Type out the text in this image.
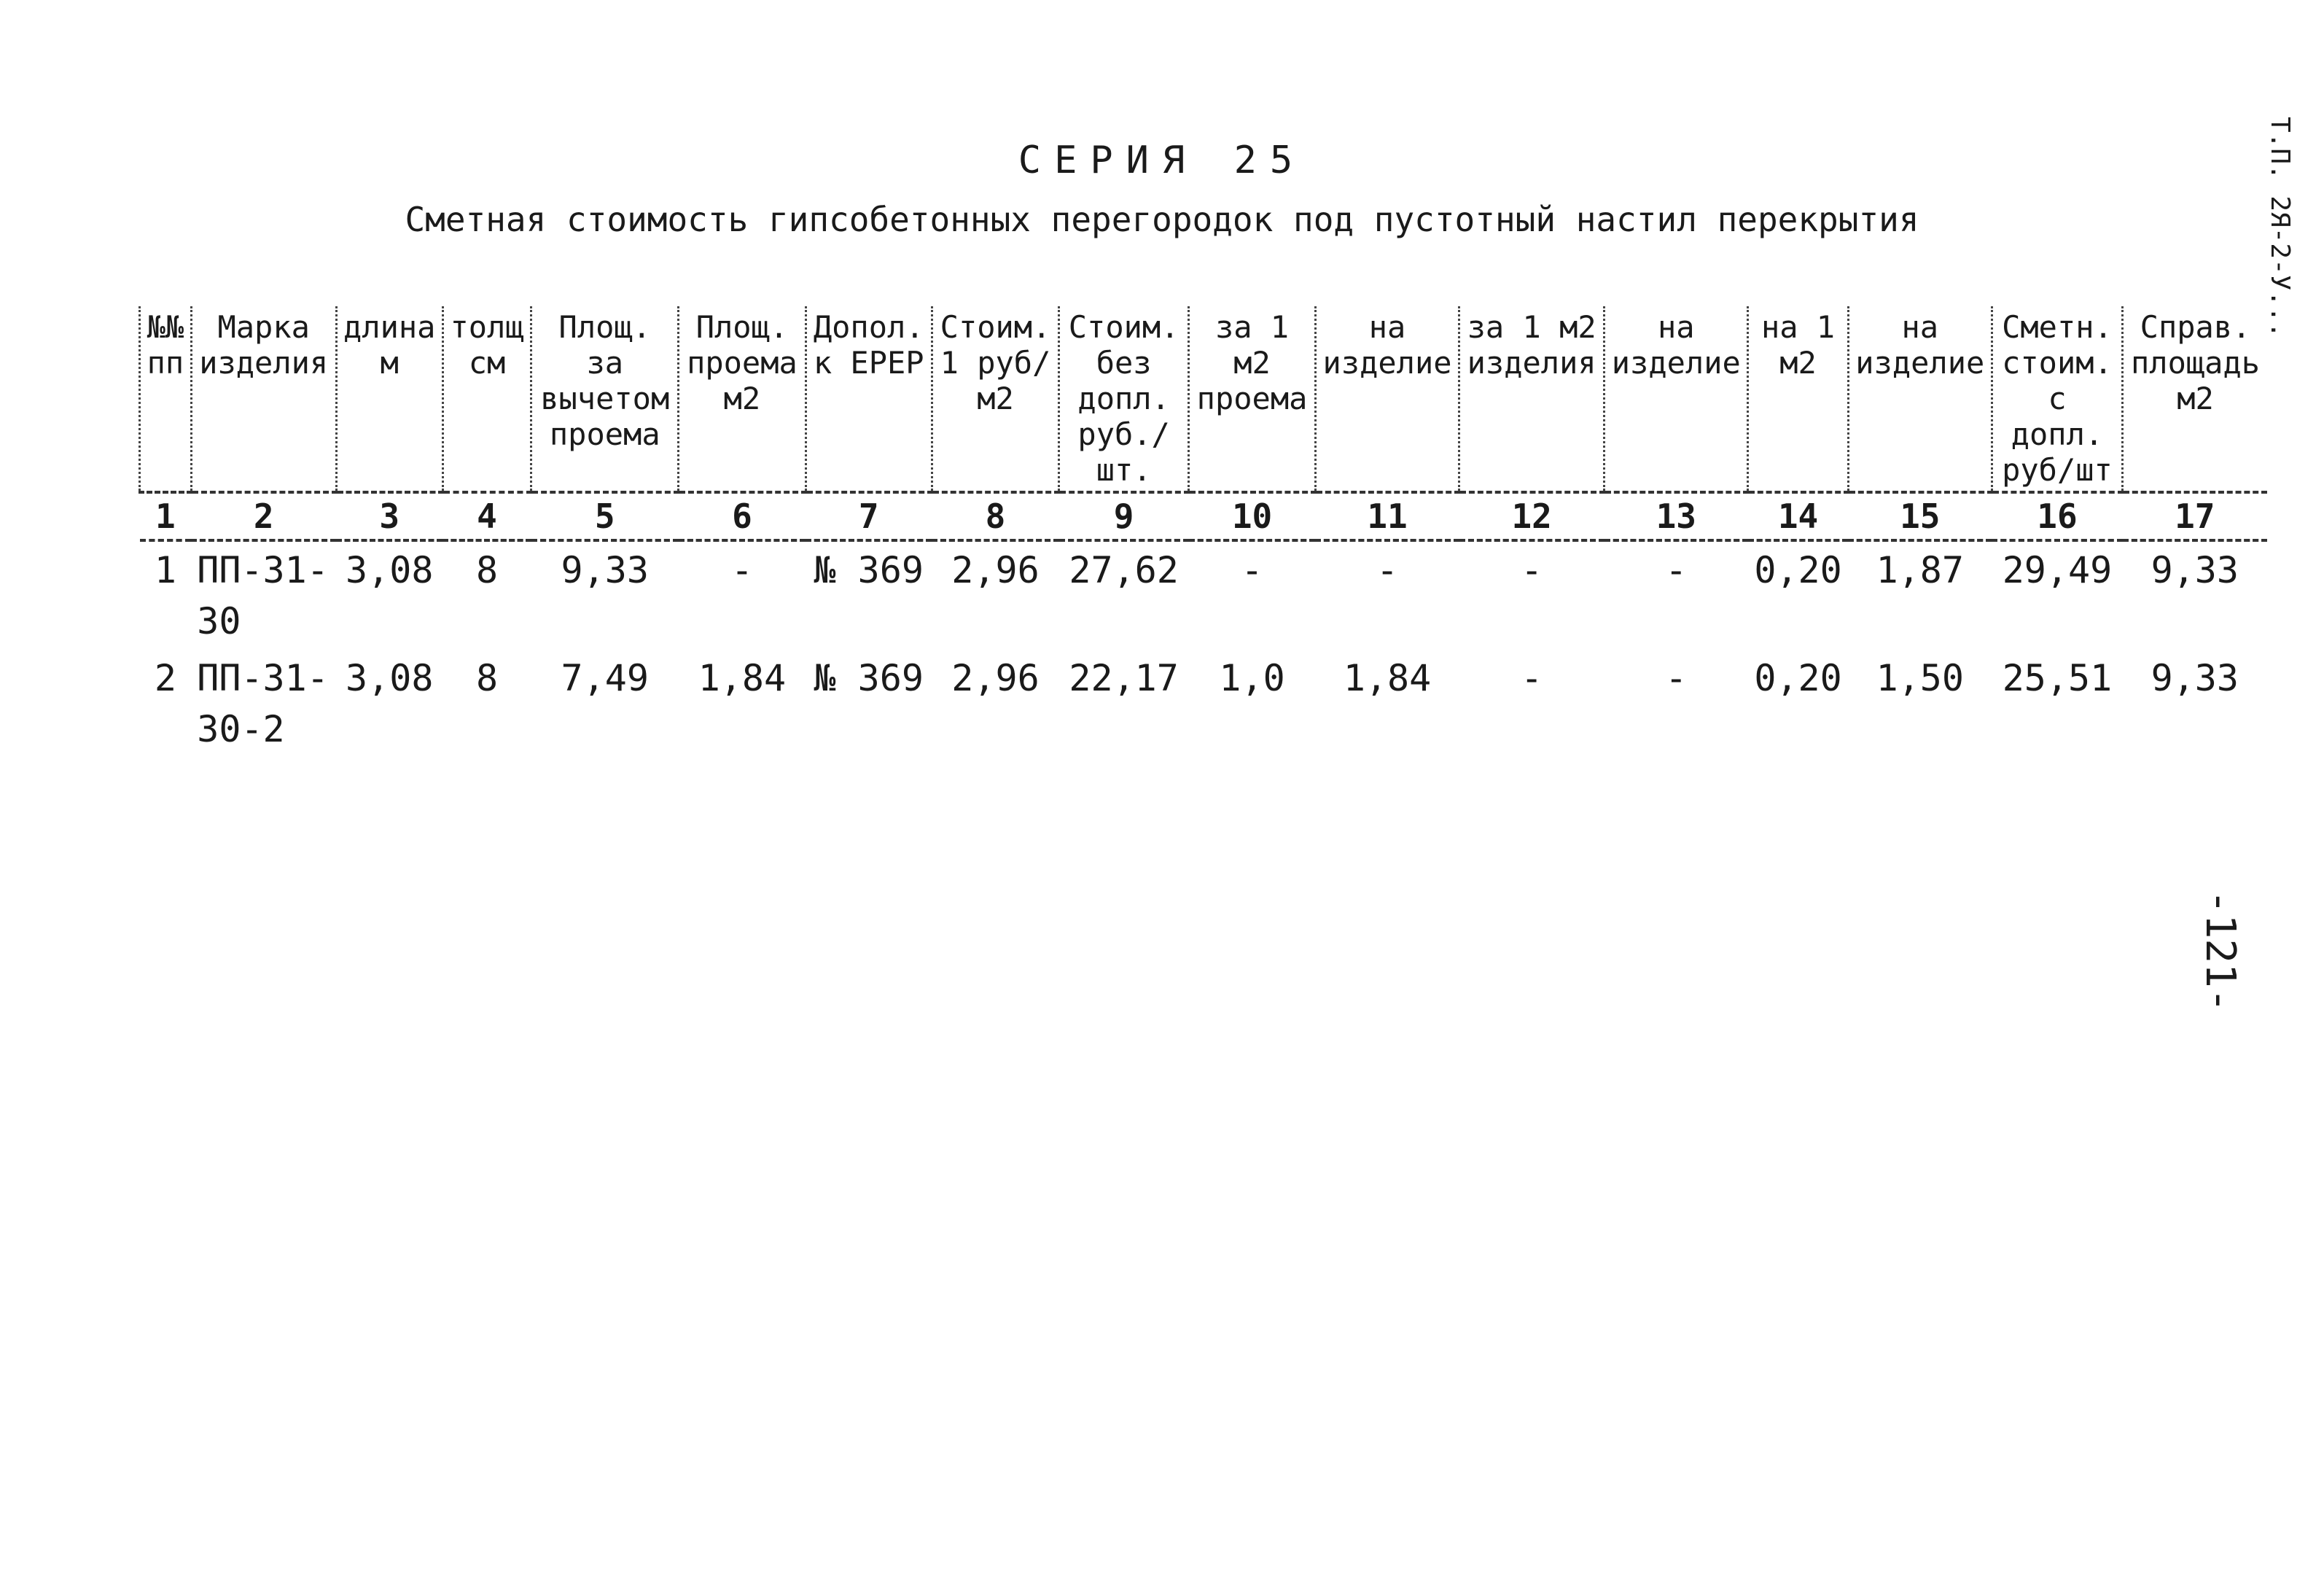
СЕРИЯ 25
Сметная стоимость гипсобетонных перегородок под пустотный настил перекрытия	Т.П. 2Я-2-У...
-121-
№№ пп	Марка изделия	длина м	толщ см	Площ. за вычетом проема	Площ. проема м2	Допол. к ЕРЕР	Стоим. 1 руб/м2	Стоим. без допл. руб./шт.	за 1 м2 проема	на изделие	за 1 м2 изделия	на изделие	на 1 м2	на изделие	Сметн. стоим. с допл. руб/шт	Справ. площадь м2
1	2	3	4	5	6	7	8	9	10	11	12	13	14	15	16	17
1	ПП-31-30	3,08	8	9,33	-	№ 369	2,96	27,62	-	-	-	-	0,20	1,87	29,49	9,33
2	ПП-31-30-2	3,08	8	7,49	1,84	№ 369	2,96	22,17	1,0	1,84	-	-	0,20	1,50	25,51	9,33
